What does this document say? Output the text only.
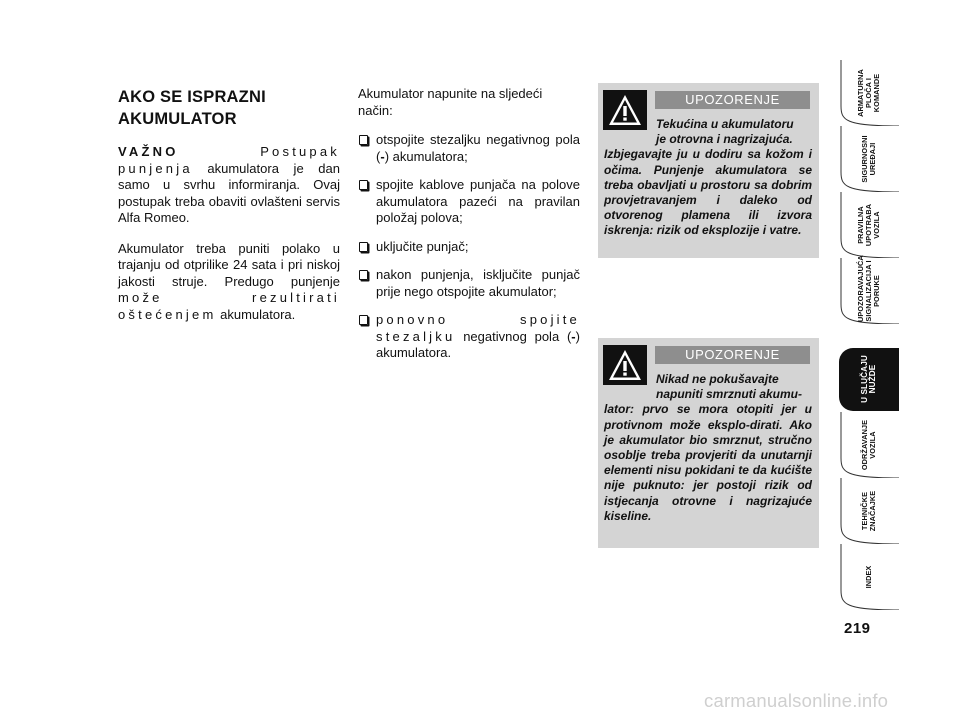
AKO SE ISPRAZNI
AKUMULATOR

VAŽNO	Postupak punjenja akumulatora je dan samo u svrhu informiranja. Ovaj postupak treba obaviti ovlašteni servis Alfa Romeo.

Akumulator treba puniti polako u trajanju od otprilike 24 sata i pri niskoj jakosti struje. Predugo punjenje može rezultirati oštećenjem akumulatora.

Akumulator napunite na sljedeći način:

otspojite stezaljku negativnog pola (-) akumulatora;
spojite kablove punjača na polove akumulatora pazeći na pravilan položaj polova;
uključite punjač;
nakon punjenja, isključite punjač prije nego otspojite akumulator;
ponovno spojite stezaljku negativnog pola (-) akumulatora.
UPOZORENJE
Tekućina u akumulatoru
je otrovna i nagrizajuća.
Izbjegavajte ju u dodiru sa kožom i očima. Punjenje akumulatora se treba obavljati u prostoru sa dobrim provjetravanjem i daleko od otvorenog plamena ili izvora iskrenja: rizik od eksplozije i vatre.
UPOZORENJE
Nikad ne pokušavajte
napuniti smrznuti akumu-
lator: prvo se mora otopiti jer u protivnom može eksplo-dirati. Ako je akumulator bio smrznut, stručno osoblje treba provjeriti da unutarnji elementi nisu pokidani te da kućište nije puknuto: jer postoji rizik od istjecanja otrovne i nagrizajuće kiseline.
ARMATURNA
PLOČA I
KOMANDE
SIGURNOSNI
UREĐAJI
PRAVILNA
UPOTRABA
VOZILA
UPOZORAVAJUĆA
SIGNALIZACIJA I
PORUKE
U SLUČAJU
NUŽDE
ODRŽAVANJE
VOZILA
TEHNIČKE
ZNAČAJKE
INDEX
219
carmanualsonline.info
